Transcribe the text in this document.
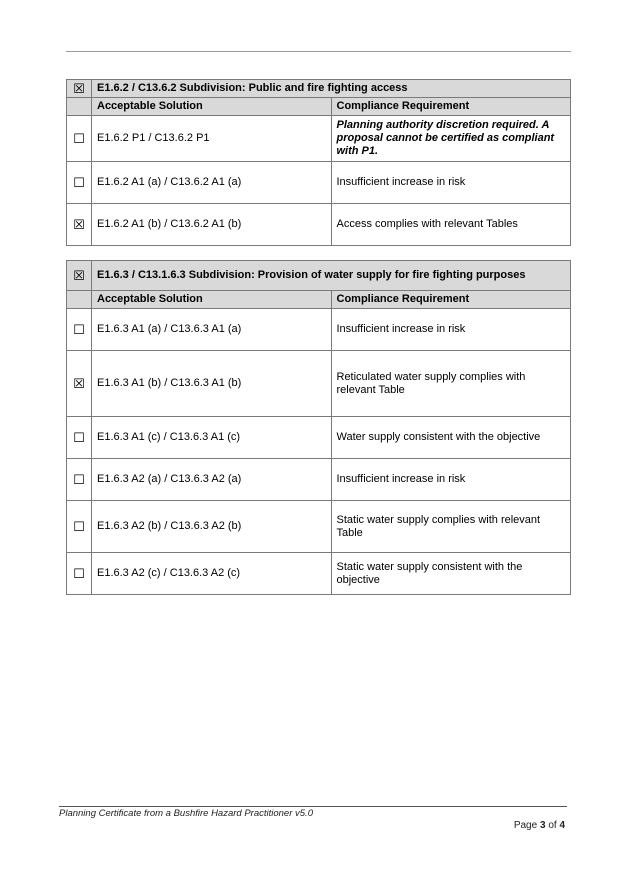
☒	E1.6.2 / C13.6.2 Subdivision: Public and fire fighting access	
	Acceptable Solution	Compliance Requirement
☐	E1.6.2 P1 / C13.6.2 P1	Planning authority discretion required. A proposal cannot be certified as compliant with P1.
☐	E1.6.2 A1 (a) / C13.6.2 A1 (a)	Insufficient increase in risk
☒	E1.6.2 A1 (b) / C13.6.2 A1 (b)	Access complies with relevant Tables
☒	E1.6.3 / C13.1.6.3 Subdivision: Provision of water supply for fire fighting purposes	
	Acceptable Solution	Compliance Requirement
☐	E1.6.3 A1 (a) / C13.6.3 A1 (a)	Insufficient increase in risk
☒	E1.6.3 A1 (b) / C13.6.3 A1 (b)	Reticulated water supply complies with relevant Table
☐	E1.6.3 A1 (c) / C13.6.3 A1 (c)	Water supply consistent with the objective
☐	E1.6.3 A2 (a) / C13.6.3 A2 (a)	Insufficient increase in risk
☐	E1.6.3 A2 (b) / C13.6.3 A2 (b)	Static water supply complies with relevant Table
☐	E1.6.3 A2 (c) / C13.6.3 A2 (c)	Static water supply consistent with the objective
Planning Certificate from a Bushfire Hazard Practitioner v5.0
Page 3 of 4
